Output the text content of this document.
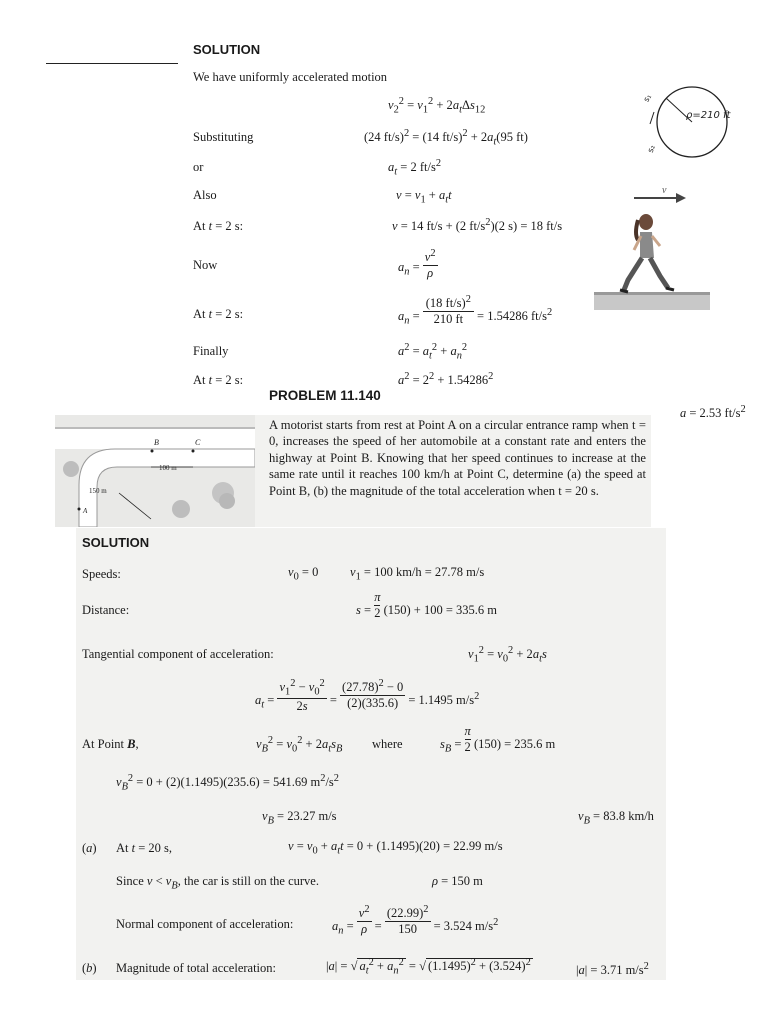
SOLUTION
We have uniformly accelerated motion
$v_2^2 = v_1^2 + 2a_t\Delta s_{12}$
Substituting	(24 ft/s)$^2$ = (14 $ft/s)^2 + 2a_t(95$ ft)
or	$a_t = 2$ $ft/s^2$
Also	$v = v_1 + a_tt$
At t = 2 s:	v = 14 ft/s + (2 $ft/s^2)(2$ s) = 18 ft/s
Now	$a_n = \frac{v^2}{\rho}$
At t = 2 s:	$a_n = \frac{(18 ft/s)^2}{210 ft} = 1.54286$ $ft/s^2$
Finally	$a^2 = a_t^2 + a_n^2$
At t = 2 s:	$a^2 = 2^2 + 1.54286^2$
a = 2.53 $ft/s^2$
ρ=210 ft
s₁
s₂
v
PROBLEM 11.140
B	C
100 m
150 m
A
A motorist starts from rest at Point A on a circular entrance ramp when t = 0, increases the speed of her automobile at a constant rate and enters the highway at Point B. Knowing that her speed continues to increase at the same rate until it reaches 100 km/h at Point C, determine (a) the speed at Point B, (b) the magnitude of the total acceleration when t = 20 s.
SOLUTION
Speeds:	$v_0 = 0$	$v_1 = 100$ km/h = 27.78 m/s
Distance:	$s = \frac{\pi}{2} (150) + 100 = 335.6$ m
Tangential component of acceleration:	$v_1^2 = v_0^2 + 2a_ts$
$a_t = \frac{v_1^2 - v_0^2}{2s} = \frac{(27.78)^2 - 0}{(2)(335.6)} = 1.1495$ $m/s^2$
At Point B,	$v_B^2 = v_0^2 + 2a_ts_B$ where	$s_B = \frac{\pi}{2} (150) = 235.6$ m
$v_B^2 = 0 + (2)(1.1495)(235.6) = 541.69$ $m^2/s^2$
$v_B = 23.27$ m/s	$v_B = 83.8$ km/h
(a) At t = 20 s,	$v = v_0 + a_tt = 0 + (1.1495)(20) = 22.99$ m/s
Since $v < v_B$, the car is still on the curve.	ρ = 150 m
Normal component of acceleration:	$a_n = \frac{v^2}{\rho} = \frac{(22.99)^2}{150} = 3.524$ $m/s^2$
(b) Magnitude of total acceleration:	|a| = √ $a_t^2 + a_n^2$ = √ $(1.1495)^2 + (3.524)^2$
|a| = 3.71 $m/s^2$
